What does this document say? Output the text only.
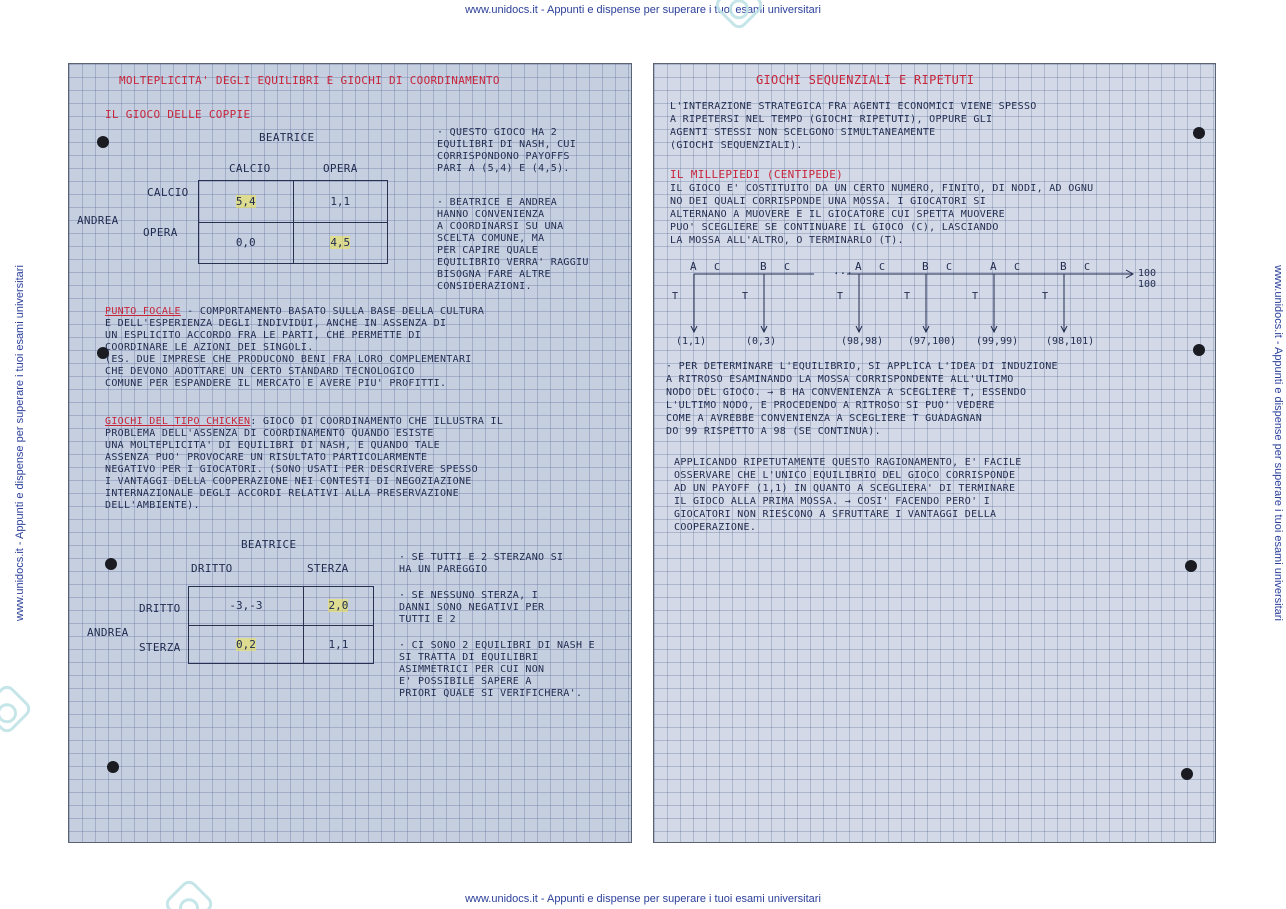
www.unidocs.it - Appunti e dispense per superare i tuoi esami universitari
www.unidocs.it - Appunti e dispense per superare i tuoi esami universitari
www.unidocs.it - Appunti e dispense per superare i tuoi esami universitari	www.unidocs.it - Appunti e dispense per superare i tuoi esami universitari
MOLTEPLICITA' DEGLI EQUILIBRI E GIOCHI DI COORDINAMENTO
IL GIOCO DELLE COPPIE
BEATRICE
CALCIO	OPERA
ANDREA
CALCIO
OPERA
5,4	1,1
0,0	4,5
· QUESTO GIOCO HA 2
EQUILIBRI DI NASH, CUI
CORRISPONDONO PAYOFFS
PARI A (5,4) E (4,5).
· BEATRICE E ANDREA
HANNO CONVENIENZA
A COORDINARSI SU UNA
SCELTA COMUNE, MA
PER CAPIRE QUALE
EQUILIBRIO VERRA' RAGGIU
BISOGNA FARE ALTRE
CONSIDERAZIONI.
PUNTO FOCALE - COMPORTAMENTO BASATO SULLA BASE DELLA CULTURA
E DELL'ESPERIENZA DEGLI INDIVIDUI, ANCHE IN ASSENZA DI
UN ESPLICITO ACCORDO FRA LE PARTI, CHE PERMETTE DI
COORDINARE LE AZIONI DEI SINGOLI.
(ES. DUE IMPRESE CHE PRODUCONO BENI FRA LORO COMPLEMENTARI
CHE DEVONO ADOTTARE UN CERTO STANDARD TECNOLOGICO
COMUNE PER ESPANDERE IL MERCATO E AVERE PIU' PROFITTI.
GIOCHI DEL TIPO CHICKEN: GIOCO DI COORDINAMENTO CHE ILLUSTRA IL
PROBLEMA DELL'ASSENZA DI COORDINAMENTO QUANDO ESISTE
UNA MOLTEPLICITA' DI EQUILIBRI DI NASH, E QUANDO TALE
ASSENZA PUO' PROVOCARE UN RISULTATO PARTICOLARMENTE
NEGATIVO PER I GIOCATORI. (SONO USATI PER DESCRIVERE SPESSO
I VANTAGGI DELLA COOPERAZIONE NEI CONTESTI DI NEGOZIAZIONE
INTERNAZIONALE DEGLI ACCORDI RELATIVI ALLA PRESERVAZIONE
DELL'AMBIENTE).
BEATRICE
DRITTO	STERZA
ANDREA
DRITTO
STERZA
-3,-3	2,0
0,2	1,1
· SE TUTTI E 2 STERZANO SI
HA UN PAREGGIO
· SE NESSUNO STERZA, I
DANNI SONO NEGATIVI PER
TUTTI E 2
· CI SONO 2 EQUILIBRI DI NASH E
SI TRATTA DI EQUILIBRI
ASIMMETRICI PER CUI NON
E' POSSIBILE SAPERE A
PRIORI QUALE SI VERIFICHERA'.
GIOCHI SEQUENZIALI E RIPETUTI
L'INTERAZIONE STRATEGICA FRA AGENTI ECONOMICI VIENE SPESSO
A RIPETERSI NEL TEMPO (GIOCHI RIPETUTI), OPPURE GLI
AGENTI STESSI NON SCELGONO SIMULTANEAMENTE
(GIOCHI SEQUENZIALI).
IL MILLEPIEDI (CENTIPEDE)
IL GIOCO E' COSTITUITO DA UN CERTO NUMERO, FINITO, DI NODI, AD OGNU
NO DEI QUALI CORRISPONDE UNA MOSSA. I GIOCATORI SI
ALTERNANO A MUOVERE E IL GIOCATORE CUI SPETTA MUOVERE
PUO' SCEGLIERE SE CONTINUARE IL GIOCO (C), LASCIANDO
LA MOSSA ALL'ALTRO, O TERMINARLO (T).
C	C	C	C	C	C
A
T
(1,1)
B
T
(0,3)
A
T
(98,98)
B
T
(97,100)
A
T
(99,99)
B
T
(98,101)
...	100
100
· PER DETERMINARE L'EQUILIBRIO, SI APPLICA L'IDEA DI INDUZIONE
A RITROSO ESAMINANDO LA MOSSA CORRISPONDENTE ALL'ULTIMO
NODO DEL GIOCO. → B HA CONVENIENZA A SCEGLIERE T, ESSENDO
L'ULTIMO NODO, E PROCEDENDO A RITROSO SI PUO' VEDERE
COME A AVREBBE CONVENIENZA A SCEGLIERE T GUADAGNAN
DO 99 RISPETTO A 98 (SE CONTINUA).
APPLICANDO RIPETUTAMENTE QUESTO RAGIONAMENTO, E' FACILE
OSSERVARE CHE L'UNICO EQUILIBRIO DEL GIOCO CORRISPONDE
AD UN PAYOFF (1,1) IN QUANTO A SCEGLIERA' DI TERMINARE
IL GIOCO ALLA PRIMA MOSSA. → COSI' FACENDO PERO' I
GIOCATORI NON RIESCONO A SFRUTTARE I VANTAGGI DELLA
COOPERAZIONE.
